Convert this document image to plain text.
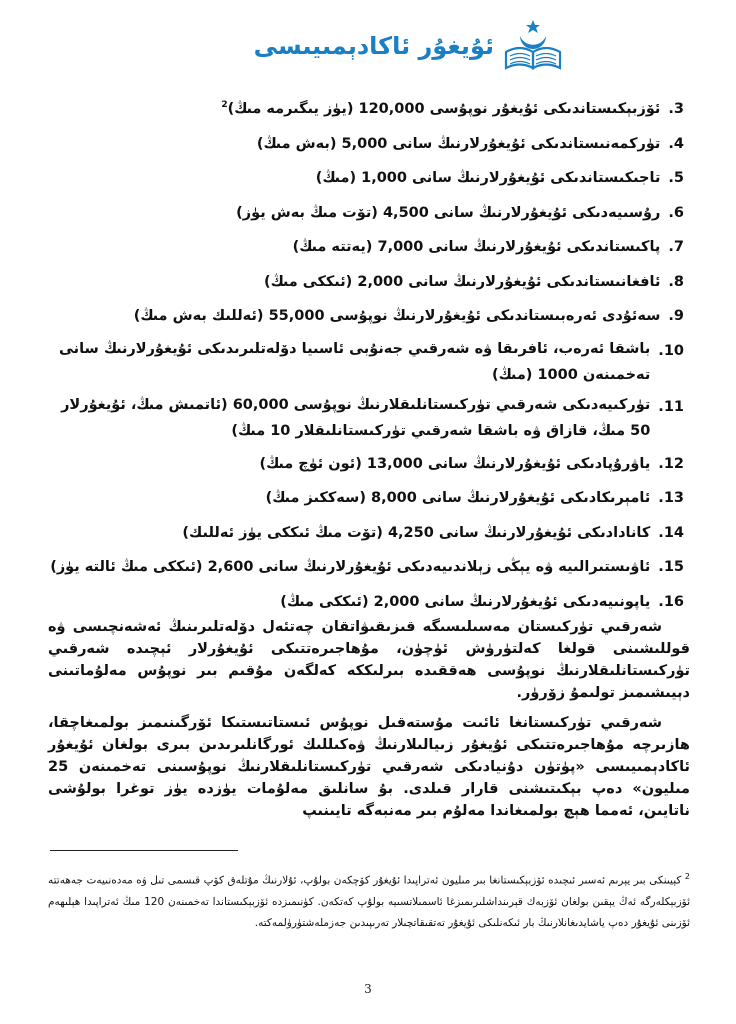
ئۇيغۇر ئاكادېمىيىسى
3.
ئۆزبېكىستاندىكى ئۇيغۇر نوپۇسى 120,000 (يۈز يىگىرمە مىڭ)$^2$
4.
تۈركمەنىستاندىكى ئۇيغۇرلارنىڭ سانى 5,000 (بەش مىڭ)
5.
تاجىكىستاندىكى ئۇيغۇرلارنىڭ سانى 1,000 (مىڭ)
6.
رۇسىيەدىكى ئۇيغۇرلارنىڭ سانى 4,500 (تۆت مىڭ بەش يۈز)
7.
پاكىستاندىكى ئۇيغۇرلارنىڭ سانى 7,000 (يەتتە مىڭ)
8.
ئافغانىستاندىكى ئۇيغۇرلارنىڭ سانى 2,000 (ئىككى مىڭ)
9.
سەئۇدى ئەرەبىستاندىكى ئۇيغۇرلارنىڭ نوپۇسى 55,000 (ئەللىك بەش مىڭ)
10.
باشقا ئەرەب، ئافرىقا ۋە شەرقىي جەنۇبى ئاسىيا دۆلەتلىرىدىكى ئۇيغۇرلارنىڭ سانى تەخمىنەن 1000 (مىڭ)
11.
تۈركىيەدىكى شەرقىي تۈركىستانلىقلارنىڭ نوپۇسى 60,000 (ئاتمىش مىڭ، ئۇيغۇرلار 50 مىڭ، قازاق ۋە باشقا شەرقىي تۈركىستانلىقلار 10 مىڭ)
12.
ياۋرۇپادىكى ئۇيغۇرلارنىڭ سانى 13,000 (ئون ئۈچ مىڭ)
13.
ئامېرىكادىكى ئۇيغۇرلارنىڭ سانى 8,000 (سەككىز مىڭ)
14.
كانادادىكى ئۇيغۇرلارنىڭ سانى 4,250 (تۆت مىڭ ئىككى يۈز ئەللىك)
15.
ئاۋىستىرالىيە ۋە يېڭى زېلاندىيەدىكى ئۇيغۇرلارنىڭ سانى 2,600 (ئىككى مىڭ ئالتە يۈز)
16.
ياپونىيەدىكى ئۇيغۇرلارنىڭ سانى 2,000 (ئىككى مىڭ)

شەرقىي تۈركىستان مەسىلىسىگە قىزىقىۋاتقان چەتئەل دۆلەتلىرىنىڭ ئەشەنچىسى ۋە قوللىشىنى قولغا كەلتۈرۈش ئۈچۈن، مۇھاجىرەتتىكى ئۇيغۇرلار ئېچىدە شەرقىي تۈركىستانلىقلارنىڭ نوپۇسى ھەققىدە بىرلىككە كەلگەن مۇقىم بىر نوپۇس مەلۇماتىنى دېيىشىمىز تولىمۇ زۆرۈر.

شەرقىي تۈركىستانغا ئائىت مۇستەقىل نوپۇس ئىستاتىستىكا ئۆرگىنىمىز بولمىغاچقا، ھازىرچە مۇھاجىرەتتىكى ئۇيغۇر زىيالىلارنىڭ ۋەكىللىك ئورگانلىرىدىن بىرى بولغان ئۇيغۇر ئاكادېمىيىسى «پۈتۈن دۇنيادىكى شەرقىي تۈركىستانلىقلارنىڭ نوپۇسىنى تەخمىنەن 25 مىليون» دەپ بېكىتىشنى قارار قىلدى. بۇ سانلىق مەلۇمات يۈزدە يۈز توغرا بولۇشى ناتايىن، ئەمما ھېچ بولمىغاندا مەلۇم بىر مەنبەگە تايىنىپ

$^2$ كېيىنكى بىر يېرىم ئەسىر ئىچىدە ئۆزبېكىستانغا بىر مىليون ئەتراپىدا ئۇيغۇر كۆچكەن بولۇپ، ئۇلارنىڭ مۇتلەق كۆپ قىسمى تىل ۋە مەدەنىيەت جەھەتتە ئۆزبېكلەرگە ئەڭ يېقىن بولغان ئۆزبەك قېرىنداشلىرىمىزغا ئاسمىلاتسىيە بولۇپ كەتكەن. كۈنىمىزدە ئۆزبېكىستاندا تەخمىنەن 120 مىڭ ئەتراپىدا ھېلىھەم ئۆزىنى ئۇيغۇر دەپ ياشايدىغانلارنىڭ بار ئىكەنلىكى ئۇيغۇر تەتقىقاتچىلار تەرىپىدىن جەزملەشتۈرۈلمەكتە.

3
